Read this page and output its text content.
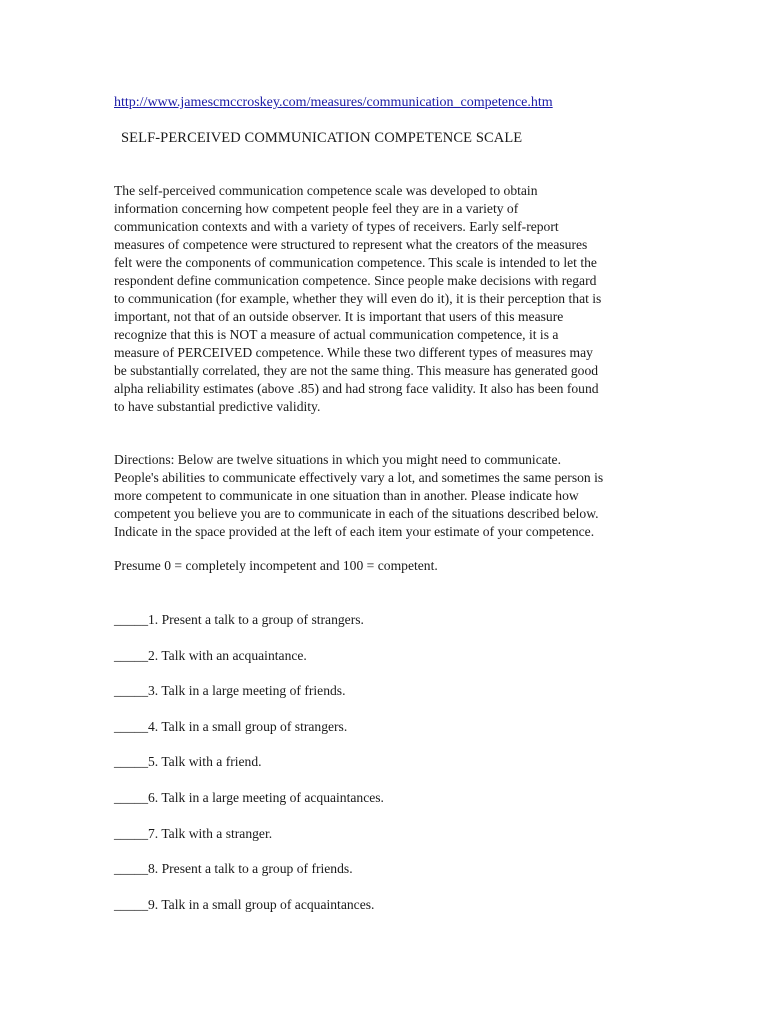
http://www.jamescmccroskey.com/measures/communication_competence.htm
SELF-PERCEIVED COMMUNICATION COMPETENCE SCALE
The self-perceived communication competence scale was developed to obtain
information concerning how competent people feel they are in a variety of
communication contexts and with a variety of types of receivers. Early self-report
measures of competence were structured to represent what the creators of the measures
felt were the components of communication competence. This scale is intended to let the
respondent define communication competence. Since people make decisions with regard
to communication (for example, whether they will even do it), it is their perception that is
important, not that of an outside observer. It is important that users of this measure
recognize that this is NOT a measure of actual communication competence, it is a
measure of PERCEIVED competence. While these two different types of measures may
be substantially correlated, they are not the same thing. This measure has generated good
alpha reliability estimates (above .85) and had strong face validity. It also has been found
to have substantial predictive validity.
Directions: Below are twelve situations in which you might need to communicate.
People's abilities to communicate effectively vary a lot, and sometimes the same person is
more competent to communicate in one situation than in another. Please indicate how
competent you believe you are to communicate in each of the situations described below.
Indicate in the space provided at the left of each item your estimate of your competence.
Presume 0 = completely incompetent and 100 = competent.
_____1. Present a talk to a group of strangers.
_____2. Talk with an acquaintance.
_____3. Talk in a large meeting of friends.
_____4. Talk in a small group of strangers.
_____5. Talk with a friend.
_____6. Talk in a large meeting of acquaintances.
_____7. Talk with a stranger.
_____8. Present a talk to a group of friends.
_____9. Talk in a small group of acquaintances.
